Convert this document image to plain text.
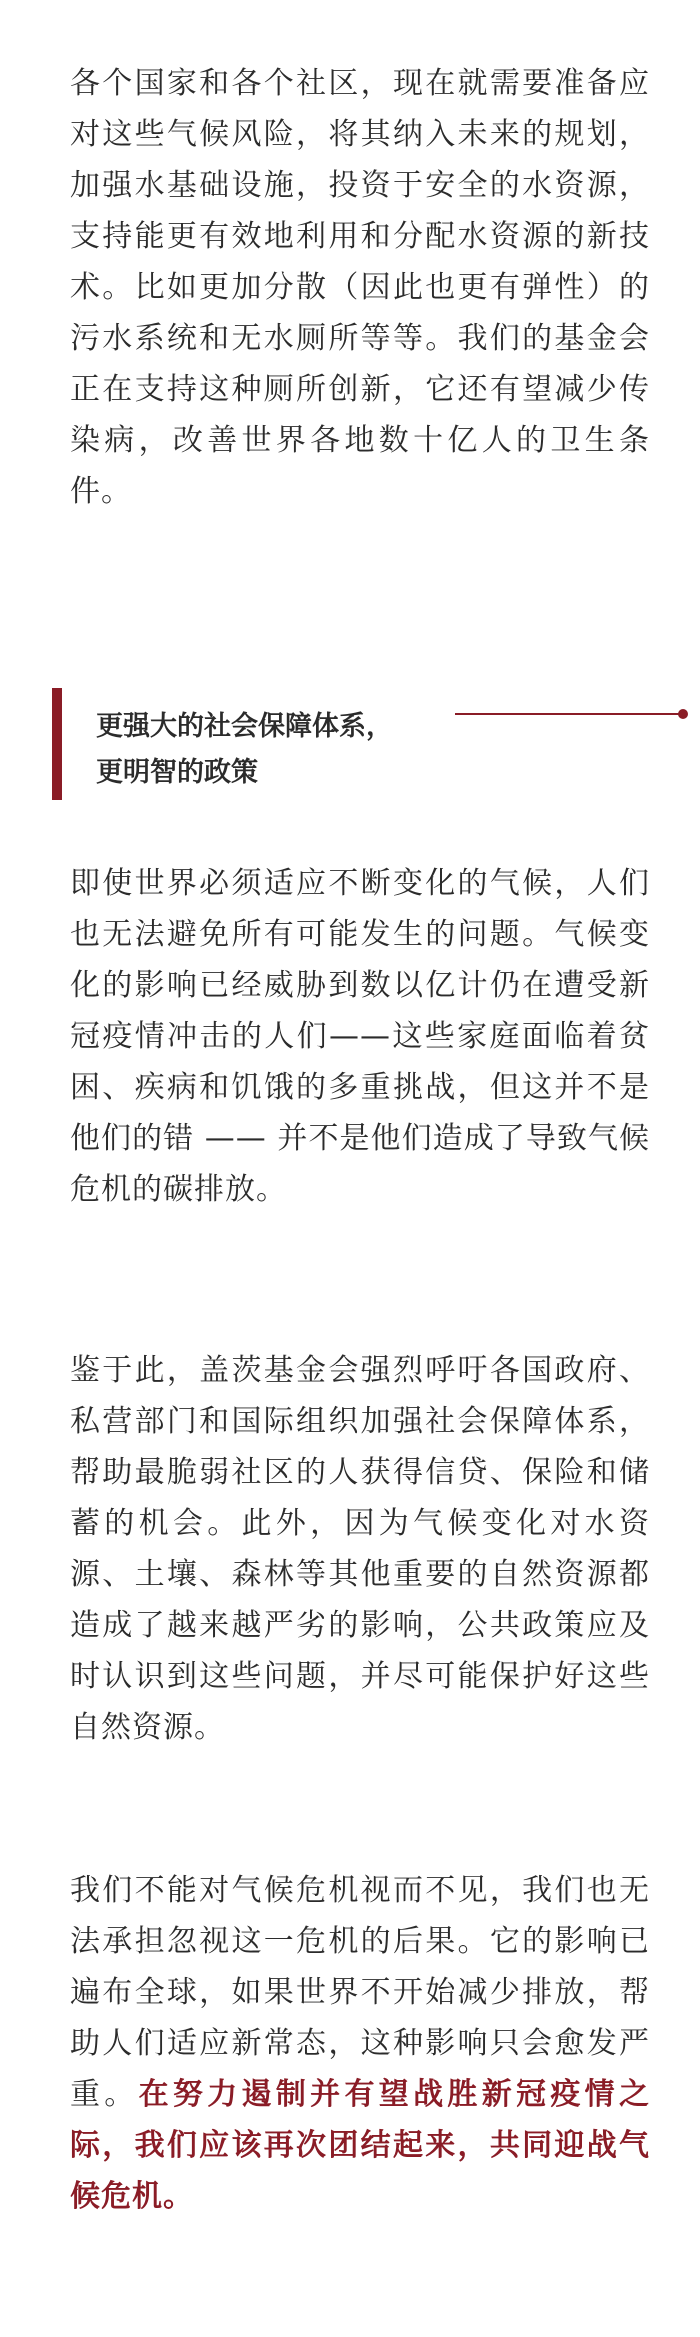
各个国家和各个社区，现在就需要准备应对这些气候风险，将其纳入未来的规划，加强水基础设施，投资于安全的水资源，支持能更有效地利用和分配水资源的新技术。比如更加分散（因此也更有弹性）的污水系统和无水厕所等等。我们的基金会正在支持这种厕所创新，它还有望减少传染病，改善世界各地数十亿人的卫生条件。

更强大的社会保障体系，
更明智的政策

即使世界必须适应不断变化的气候，人们也无法避免所有可能发生的问题。气候变化的影响已经威胁到数以亿计仍在遭受新冠疫情冲击的人们——这些家庭面临着贫困、疾病和饥饿的多重挑战，但这并不是他们的错 —— 并不是他们造成了导致气候危机的碳排放。

鉴于此，盖茨基金会强烈呼吁各国政府、私营部门和国际组织加强社会保障体系，帮助最脆弱社区的人获得信贷、保险和储蓄的机会。此外，因为气候变化对水资源、土壤、森林等其他重要的自然资源都造成了越来越严劣的影响，公共政策应及时认识到这些问题，并尽可能保护好这些自然资源。

我们不能对气候危机视而不见，我们也无法承担忽视这一危机的后果。它的影响已遍布全球，如果世界不开始减少排放，帮助人们适应新常态，这种影响只会愈发严重。在努力遏制并有望战胜新冠疫情之际，我们应该再次团结起来，共同迎战气候危机。
